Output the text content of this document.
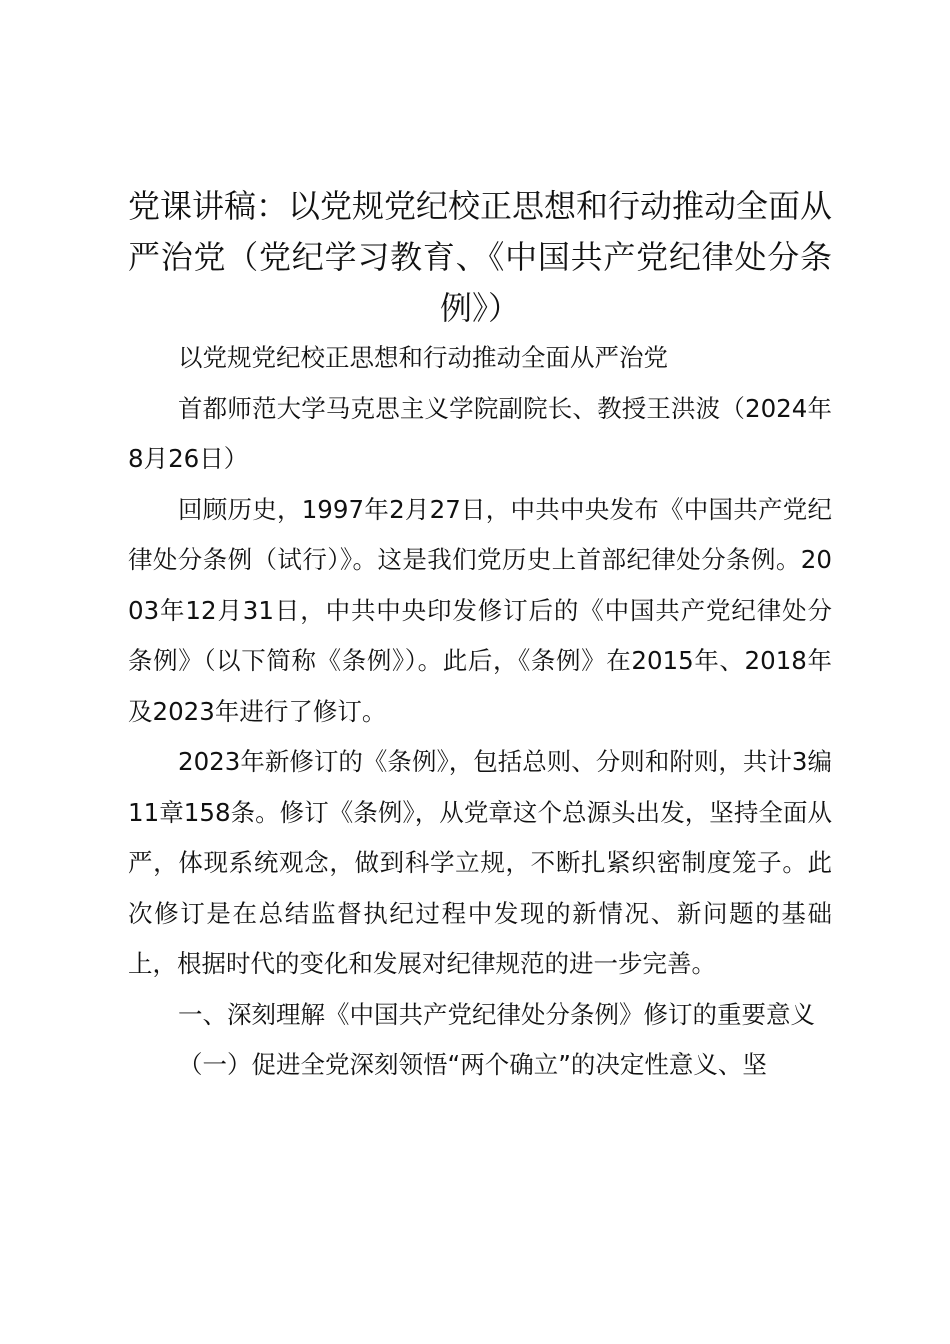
党课讲稿：以党规党纪校正思想和行动推动全面从严治党（党纪学习教育、《中国共产党纪律处分条例》）

以党规党纪校正思想和行动推动全面从严治党

首都师范大学马克思主义学院副院长、教授王洪波（2024年8月26日）

回顾历史，1997年2月27日，中共中央发布《中国共产党纪律处分条例（试行）》。这是我们党历史上首部纪律处分条例。2003年12月31日，中共中央印发修订后的《中国共产党纪律处分条例》（以下简称《条例》）。此后，《条例》在2015年、2018年及2023年进行了修订。

2023年新修订的《条例》，包括总则、分则和附则，共计3编11章158条。修订《条例》，从党章这个总源头出发，坚持全面从严，体现系统观念，做到科学立规，不断扎紧织密制度笼子。此次修订是在总结监督执纪过程中发现的新情况、新问题的基础上，根据时代的变化和发展对纪律规范的进一步完善。

一、深刻理解《中国共产党纪律处分条例》修订的重要意义

（一）促进全党深刻领悟“两个确立”的决定性意义、坚
